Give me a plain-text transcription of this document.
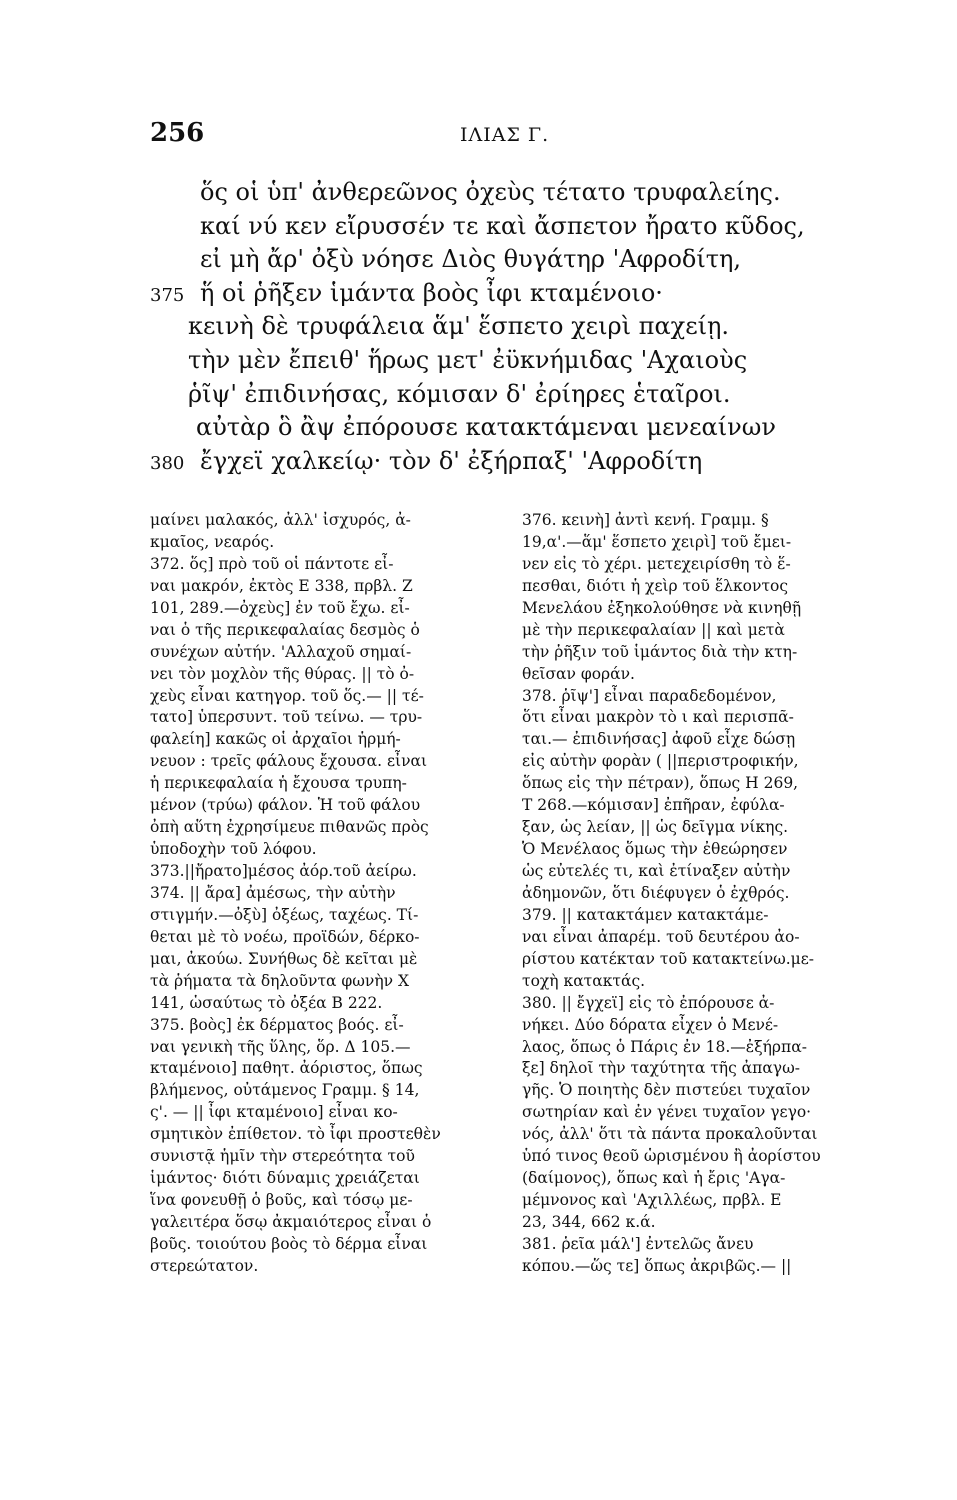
256	ΙΛΙΑΣ Γ.
ὅς οἱ ὑπ' ἀνθερεῶνος ὀχεὺς τέτατο τρυφαλείης.
καί νύ κεν εἴρυσσέν τε καὶ ἄσπετον ἤρατο κῦδος,
εἰ μὴ ἄρ' ὀξὺ νόησε Διὸς θυγάτηρ 'Αφροδίτη,
375 ἥ οἱ ῥῆξεν ἱμάντα βοὸς ἶφι κταμένοιο·
κεινὴ δὲ τρυφάλεια ἅμ' ἕσπετο χειρὶ παχείῃ.
τὴν μὲν ἔπειθ' ἥρως μετ' ἐϋκνήμιδας 'Αχαιοὺς
ῥῖψ' ἐπιδινήσας, κόμισαν δ' ἐρίηρες ἑταῖροι.
αὐτὰρ ὃ ἂψ ἐπόρουσε κατακτάμεναι μενεαίνων
380 ἔγχεϊ χαλκείῳ· τὸν δ' ἐξήρπαξ' 'Αφροδίτη
μαίνει μαλακός, ἀλλ' ἰσχυρός, ἀ-
κμαῖος, νεαρός.
372. ὅς] πρὸ τοῦ οἱ πάντοτε εἶ-
ναι μακρόν, ἐκτὸς Ε 338, πρβλ. Ζ
101, 289.—ὀχεὺς] ἐν τοῦ ἔχω. εἶ-
ναι ὁ τῆς περικεφαλαίας δεσμὸς ὁ
συνέχων αὐτήν. 'Αλλαχοῦ σημαί-
νει τὸν μοχλὸν τῆς θύρας. || τὸ ὀ-
χεὺς εἶναι κατηγορ. τοῦ ὅς.— || τέ-
τατο] ὑπερσυντ. τοῦ τείνω. — τρυ-
φαλείη] κακῶς οἱ ἀρχαῖοι ἡρμή-
νευον : τρεῖς φάλους ἔχουσα. εἶναι
ἡ περικεφαλαία ἡ ἔχουσα τρυπη-
μένον (τρύω) φάλον. Ἡ τοῦ φάλου
ὀπὴ αὕτη ἐχρησίμευε πιθανῶς πρὸς
ὑποδοχὴν τοῦ λόφου.
373.||ἤρατο]μέσος ἀόρ.τοῦ ἀείρω.
374. || ἄρα] ἀμέσως, τὴν αὐτὴν
στιγμήν.—ὀξὺ] ὀξέως, ταχέως. Τί-
θεται μὲ τὸ νοέω, προϊδών, δέρκο-
μαι, ἀκούω. Συνήθως δὲ κεῖται μὲ
τὰ ῥήματα τὰ δηλοῦντα φωνὴν Χ
141, ὡσαύτως τὸ ὀξέα Β 222.
375. βοὸς] ἐκ δέρματος βοός. εἶ-
ναι γενικὴ τῆς ὕλης, ὅρ. Δ 105.—
κταμένοιο] παθητ. ἀόριστος, ὅπως
βλήμενος, οὐτάμενος Γραμμ. § 14,
ς'. — || ἶφι κταμένοιο] εἶναι κο-
σμητικὸν ἐπίθετον. τὸ ἶφι προστεθὲν
συνιστᾷ ἡμῖν τὴν στερεότητα τοῦ
ἱμάντος· διότι δύναμις χρειάζεται
ἵνα φονευθῇ ὁ βοῦς, καὶ τόσῳ με-
γαλειτέρα ὅσῳ ἀκμαιότερος εἶναι ὁ
βοῦς. τοιούτου βοὸς τὸ δέρμα εἶναι
στερεώτατον.
376. κεινὴ] ἀντὶ κενή. Γραμμ. §
19,α'.—ἅμ' ἕσπετο χειρὶ] τοῦ ἔμει-
νεν εἰς τὸ χέρι. μετεχειρίσθη τὸ ἕ-
πεσθαι, διότι ἡ χεὶρ τοῦ ἕλκοντος
Μενελάου ἐξηκολούθησε νὰ κινηθῇ
μὲ τὴν περικεφαλαίαν || καὶ μετὰ
τὴν ῥῆξιν τοῦ ἱμάντος διὰ τὴν κτη-
θεῖσαν φοράν.
378. ῥῖψ'] εἶναι παραδεδομένον,
ὅτι εἶναι μακρὸν τὸ ι καὶ περισπᾶ-
ται.— ἐπιδινήσας] ἀφοῦ εἶχε δώσῃ
εἰς αὐτὴν φορὰν ( ||περιστροφικήν,
ὅπως εἰς τὴν πέτραν), ὅπως Η 269,
Τ 268.—κόμισαν] ἐπῆραν, ἐφύλα-
ξαν, ὡς λείαν, || ὡς δεῖγμα νίκης.
Ὁ Μενέλαος ὅμως τὴν ἐθεώρησεν
ὡς εὐτελές τι, καὶ ἐτίναξεν αὐτὴν
ἀδημονῶν, ὅτι διέφυγεν ὁ ἐχθρός.
379. || κατακτάμεν κατακτάμε-
ναι εἶναι ἀπαρέμ. τοῦ δευτέρου ἀο-
ρίστου κατέκταν τοῦ κατακτείνω.με-
τοχὴ κατακτάς.
380. || ἔγχεϊ] εἰς τὸ ἐπόρουσε ἀ-
νήκει. Δύο δόρατα εἶχεν ὁ Μενέ-
λαος, ὅπως ὁ Πάρις ἐν 18.—ἐξήρπα-
ξε] δηλοῖ τὴν ταχύτητα τῆς ἀπαγω-
γῆς. Ὁ ποιητὴς δὲν πιστεύει τυχαῖον
σωτηρίαν καὶ ἐν γένει τυχαῖον γεγο·
νός, ἀλλ' ὅτι τὰ πάντα προκαλοῦνται
ὑπό τινος θεοῦ ὡρισμένου ἢ ἀορίστου
(δαίμονος), ὅπως καὶ ἡ ἔρις 'Αγα-
μέμνονος καὶ 'Αχιλλέως, πρβλ. Ε
23, 344, 662 κ.ά.
381. ῥεῖα μάλ'] ἐντελῶς ἄνευ
κόπου.—ὥς τε] ὅπως ἀκριβῶς.— ||
